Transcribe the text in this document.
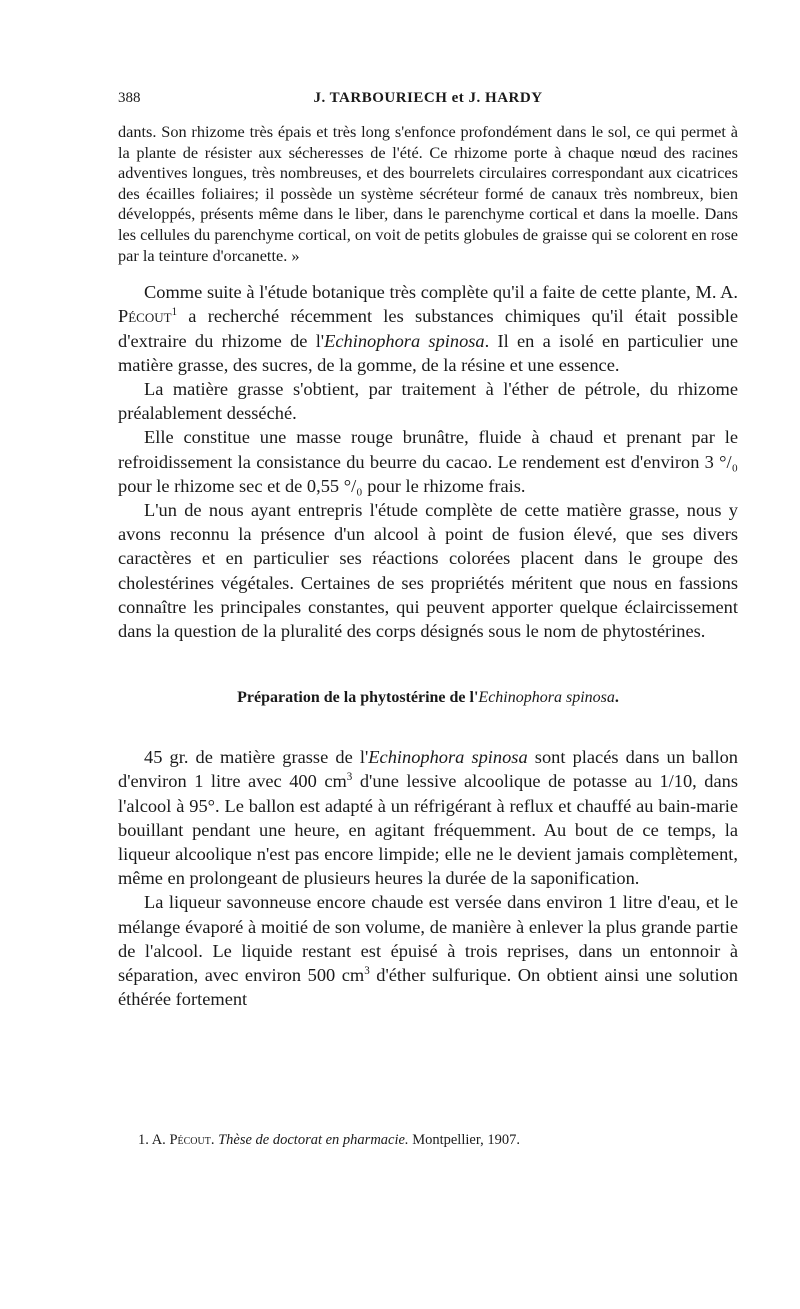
388	J. TARBOURIECH et J. HARDY
dants. Son rhizome très épais et très long s'enfonce profondément dans le sol, ce qui permet à la plante de résister aux sécheresses de l'été. Ce rhizome porte à chaque nœud des racines adventives longues, très nombreuses, et des bourrelets circulaires correspondant aux cicatrices des écailles foliaires; il possède un système sécréteur formé de canaux très nombreux, bien développés, présents même dans le liber, dans le parenchyme cortical et dans la moelle. Dans les cellules du parenchyme cortical, on voit de petits globules de graisse qui se colorent en rose par la teinture d'orcanette. »

Comme suite à l'étude botanique très complète qu'il a faite de cette plante, M. A. Pécout$^1$ a recherché récemment les substances chimiques qu'il était possible d'extraire du rhizome de l'Echinophora spinosa. Il en a isolé en particulier une matière grasse, des sucres, de la gomme, de la résine et une essence.

La matière grasse s'obtient, par traitement à l'éther de pétrole, du rhizome préalablement desséché.

Elle constitue une masse rouge brunâtre, fluide à chaud et prenant par le refroidissement la consistance du beurre du cacao. Le rendement est d'environ 3 °/₀ pour le rhizome sec et de 0,55 °/₀ pour le rhizome frais.

L'un de nous ayant entrepris l'étude complète de cette matière grasse, nous y avons reconnu la présence d'un alcool à point de fusion élevé, que ses divers caractères et en particulier ses réactions colorées placent dans le groupe des cholestérines végétales. Certaines de ses propriétés méritent que nous en fassions connaître les principales constantes, qui peuvent apporter quelque éclaircissement dans la question de la pluralité des corps désignés sous le nom de phytostérines.

Préparation de la phytostérine de l'Echinophora spinosa.

45 gr. de matière grasse de l'Echinophora spinosa sont placés dans un ballon d'environ 1 litre avec 400 $cm^3$ d'une lessive alcoolique de potasse au 1/10, dans l'alcool à 95°. Le ballon est adapté à un réfrigérant à reflux et chauffé au bain-marie bouillant pendant une heure, en agitant fréquemment. Au bout de ce temps, la liqueur alcoolique n'est pas encore limpide; elle ne le devient jamais complètement, même en prolongeant de plusieurs heures la durée de la saponification.

La liqueur savonneuse encore chaude est versée dans environ 1 litre d'eau, et le mélange évaporé à moitié de son volume, de manière à enlever la plus grande partie de l'alcool. Le liquide restant est épuisé à trois reprises, dans un entonnoir à séparation, avec environ 500 $cm^3$ d'éther sulfurique. On obtient ainsi une solution éthérée fortement

1. A. Pécout. Thèse de doctorat en pharmacie. Montpellier, 1907.
